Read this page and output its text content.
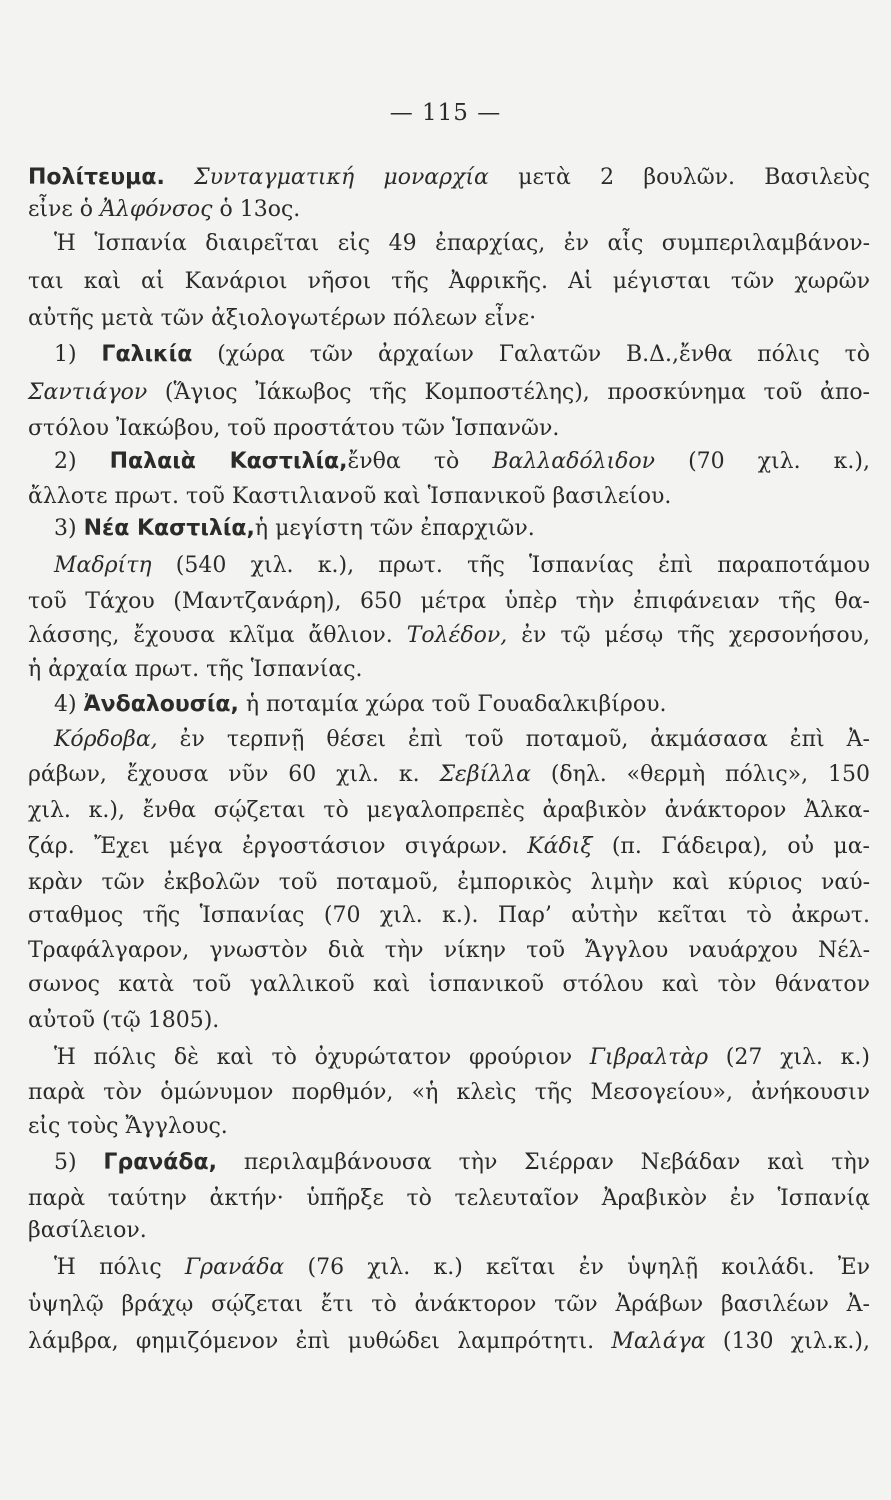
— 115 —
Πολίτευμα. Συνταγματική μοναρχία μετὰ 2 βουλῶν. Βασιλεὺς
εἶνε ὁ Ἀλφόνσος ὁ 13ος.
Ἡ Ἱσπανία διαιρεῖται εἰς 49 ἐπαρχίας, ἐν αἷς συμπεριλαμβάνον-
ται καὶ αἱ Κανάριοι νῆσοι τῆς Ἀφρικῆς. Αἱ μέγισται τῶν χωρῶν
αὐτῆς μετὰ τῶν ἀξιολογωτέρων πόλεων εἶνε·
1) Γαλικία (χώρα τῶν ἀρχαίων Γαλατῶν Β.Δ.,ἔνθα πόλις τὸ
Σαντιάγον (Ἅγιος Ἰάκωβος τῆς Κομποστέλης), προσκύνημα τοῦ ἀπο-
στόλου Ἰακώβου, τοῦ προστάτου τῶν Ἱσπανῶν.
2) Παλαιὰ Καστιλία,ἔνθα τὸ Βαλλαδόλιδον (70 χιλ. κ.),
ἄλλοτε πρωτ. τοῦ Καστιλιανοῦ καὶ Ἱσπανικοῦ βασιλείου.
3) Νέα Καστιλία,ἡ μεγίστη τῶν ἐπαρχιῶν.
Μαδρίτη (540 χιλ. κ.), πρωτ. τῆς Ἱσπανίας ἐπὶ παραποτάμου
τοῦ Τάχου (Μαντζανάρη), 650 μέτρα ὑπὲρ τὴν ἐπιφάνειαν τῆς θα-
λάσσης, ἔχουσα κλῖμα ἄθλιον. Τολέδον, ἐν τῷ μέσῳ τῆς χερσονήσου,
ἡ ἀρχαία πρωτ. τῆς Ἱσπανίας.
4) Ἀνδαλουσία, ἡ ποταμία χώρα τοῦ Γουαδαλκιβίρου.
Κόρδοβα, ἐν τερπνῇ θέσει ἐπὶ τοῦ ποταμοῦ, ἀκμάσασα ἐπὶ Ἀ-
ράβων, ἔχουσα νῦν 60 χιλ. κ. Σεβίλλα (δηλ. «θερμὴ πόλις», 150
χιλ. κ.), ἔνθα σῴζεται τὸ μεγαλοπρεπὲς ἀραβικὸν ἀνάκτορον Ἀλκα-
ζάρ. Ἔχει μέγα ἐργοστάσιον σιγάρων. Κάδιξ (π. Γάδειρα), οὐ μα-
κρὰν τῶν ἐκβολῶν τοῦ ποταμοῦ, ἐμπορικὸς λιμὴν καὶ κύριος ναύ-
σταθμος τῆς Ἱσπανίας (70 χιλ. κ.). Παρ’ αὐτὴν κεῖται τὸ ἀκρωτ.
Τραφάλγαρον, γνωστὸν διὰ τὴν νίκην τοῦ Ἄγγλου ναυάρχου Νέλ-
σωνος κατὰ τοῦ γαλλικοῦ καὶ ἱσπανικοῦ στόλου καὶ τὸν θάνατον
αὐτοῦ (τῷ 1805).
Ἡ πόλις δὲ καὶ τὸ ὀχυρώτατον φρούριον Γιβραλτὰρ (27 χιλ. κ.)
παρὰ τὸν ὁμώνυμον πορθμόν, «ἡ κλεὶς τῆς Μεσογείου», ἀνήκουσιν
εἰς τοὺς Ἄγγλους.
5) Γρανάδα, περιλαμβάνουσα τὴν Σιέρραν Νεβάδαν καὶ τὴν
παρὰ ταύτην ἀκτήν· ὑπῆρξε τὸ τελευταῖον Ἀραβικὸν ἐν Ἱσπανίᾳ
βασίλειον.
Ἡ πόλις Γρανάδα (76 χιλ. κ.) κεῖται ἐν ὑψηλῇ κοιλάδι. Ἐν
ὑψηλῷ βράχῳ σῴζεται ἔτι τὸ ἀνάκτορον τῶν Ἀράβων βασιλέων Ἀ-
λάμβρα, φημιζόμενον ἐπὶ μυθώδει λαμπρότητι. Μαλάγα (130 χιλ.κ.),
